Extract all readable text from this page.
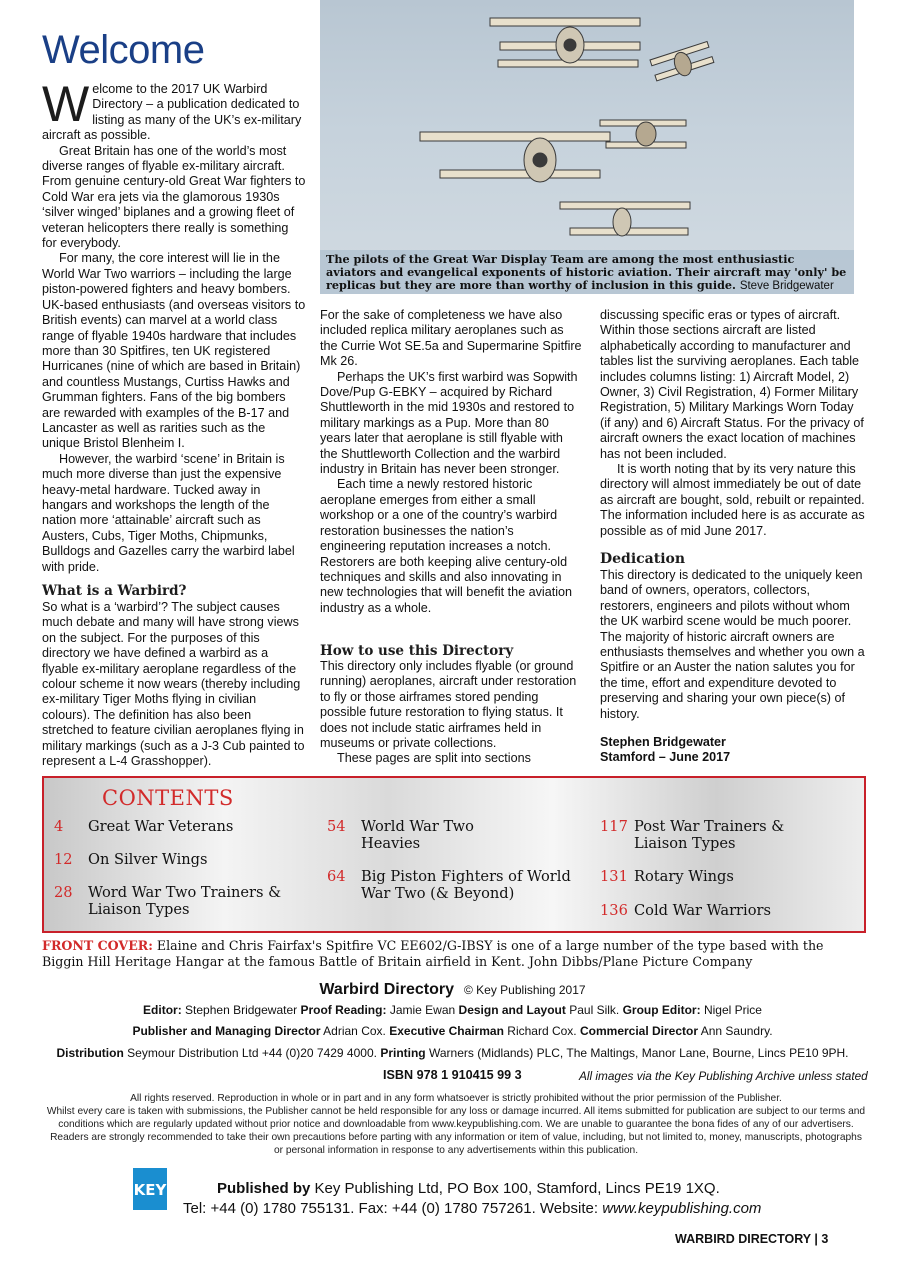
Welcome

Welcome to the 2017 UK Warbird Directory – a publication dedicated to listing as many of the UK’s ex-military aircraft as possible.

Great Britain has one of the world’s most diverse ranges of flyable ex-military aircraft. From genuine century-old Great War fighters to Cold War era jets via the glamorous 1930s ‘silver winged’ biplanes and a growing fleet of veteran helicopters there really is something for everybody.

For many, the core interest will lie in the World War Two warriors – including the large piston-powered fighters and heavy bombers. UK-based enthusiasts (and overseas visitors to British events) can marvel at a world class range of flyable 1940s hardware that includes more than 30 Spitfires, ten UK registered Hurricanes (nine of which are based in Britain) and countless Mustangs, Curtiss Hawks and Grumman fighters. Fans of the big bombers are rewarded with examples of the B-17 and Lancaster as well as rarities such as the unique Bristol Blenheim I.

However, the warbird ‘scene’ in Britain is much more diverse than just the expensive heavy-metal hardware. Tucked away in hangars and workshops the length of the nation more ‘attainable’ aircraft such as Austers, Cubs, Tiger Moths, Chipmunks, Bulldogs and Gazelles carry the warbird label with pride.

What is a Warbird?

So what is a ‘warbird’? The subject causes much debate and many will have strong views on the subject. For the purposes of this directory we have defined a warbird as a flyable ex-military aeroplane regardless of the colour scheme it now wears (thereby including ex-military Tiger Moths flying in civilian colours). The definition has also been stretched to feature civilian aeroplanes flying in military markings (such as a J-3 Cub painted to represent a L-4 Grasshopper).

The pilots of the Great War Display Team are among the most enthusiastic aviators and evangelical exponents of historic aviation. Their aircraft may 'only' be replicas but they are more than worthy of inclusion in this guide. Steve Bridgewater

For the sake of completeness we have also included replica military aeroplanes such as the Currie Wot SE.5a and Supermarine Spitfire Mk 26.

Perhaps the UK’s first warbird was Sopwith Dove/Pup G-EBKY – acquired by Richard Shuttleworth in the mid 1930s and restored to military markings as a Pup. More than 80 years later that aeroplane is still flyable with the Shuttleworth Collection and the warbird industry in Britain has never been stronger.

Each time a newly restored historic aeroplane emerges from either a small workshop or a one of the country’s warbird restoration businesses the nation’s engineering reputation increases a notch. Restorers are both keeping alive century-old techniques and skills and also innovating in new technologies that will benefit the aviation industry as a whole.

How to use this Directory

This directory only includes flyable (or ground running) aeroplanes, aircraft under restoration to fly or those airframes stored pending possible future restoration to flying status. It does not include static airframes held in museums or private collections.

These pages are split into sections

discussing specific eras or types of aircraft. Within those sections aircraft are listed alphabetically according to manufacturer and tables list the surviving aeroplanes. Each table includes columns listing: 1) Aircraft Model, 2) Owner, 3) Civil Registration, 4) Former Military Registration, 5) Military Markings Worn Today (if any) and 6) Aircraft Status. For the privacy of aircraft owners the exact location of machines has not been included.

It is worth noting that by its very nature this directory will almost immediately be out of date as aircraft are bought, sold, rebuilt or repainted. The information included here is as accurate as possible as of mid June 2017.

Dedication

This directory is dedicated to the uniquely keen band of owners, operators, collectors, restorers, engineers and pilots without whom the UK warbird scene would be much poorer. The majority of historic aircraft owners are enthusiasts themselves and whether you own a Spitfire or an Auster the nation salutes you for the time, effort and expenditure devoted to preserving and sharing your own piece(s) of history.

Stephen Bridgewater
Stamford – June 2017
CONTENTS
4	Great War Veterans
12	On Silver Wings
28	Word War Two Trainers & Liaison Types
54	World War Two Heavies
64	Big Piston Fighters of World War Two (& Beyond)
117 Post War Trainers & Liaison Types
131 Rotary Wings
136 Cold War Warriors
FRONT COVER: Elaine and Chris Fairfax's Spitfire VC EE602/G-IBSY is one of a large number of the type based with the Biggin Hill Heritage Hangar at the famous Battle of Britain airfield in Kent. John Dibbs/Plane Picture Company
Warbird Directory © Key Publishing 2017
Editor: Stephen Bridgewater Proof Reading: Jamie Ewan Design and Layout Paul Silk. Group Editor: Nigel Price
Publisher and Managing Director Adrian Cox. Executive Chairman Richard Cox. Commercial Director Ann Saundry.
Distribution Seymour Distribution Ltd +44 (0)20 7429 4000. Printing Warners (Midlands) PLC, The Maltings, Manor Lane, Bourne, Lincs PE10 9PH.
ISBN 978 1 910415 99 3	All images via the Key Publishing Archive unless stated
All rights reserved. Reproduction in whole or in part and in any form whatsoever is strictly prohibited without the prior permission of the Publisher.
Whilst every care is taken with submissions, the Publisher cannot be held responsible for any loss or damage incurred. All items submitted for publication are subject to our terms and conditions which are regularly updated without prior notice and downloadable from www.keypublishing.com. We are unable to guarantee the bona fides of any of our advertisers. Readers are strongly recommended to take their own precautions before parting with any information or item of value, including, but not limited to, money, manuscripts, photographs or personal information in response to any advertisements within this publication.
KEY	Published by Key Publishing Ltd, PO Box 100, Stamford, Lincs PE19 1XQ.
Tel: +44 (0) 1780 755131. Fax: +44 (0) 1780 757261. Website: www.keypublishing.com
WARBIRD DIRECTORY | 3
